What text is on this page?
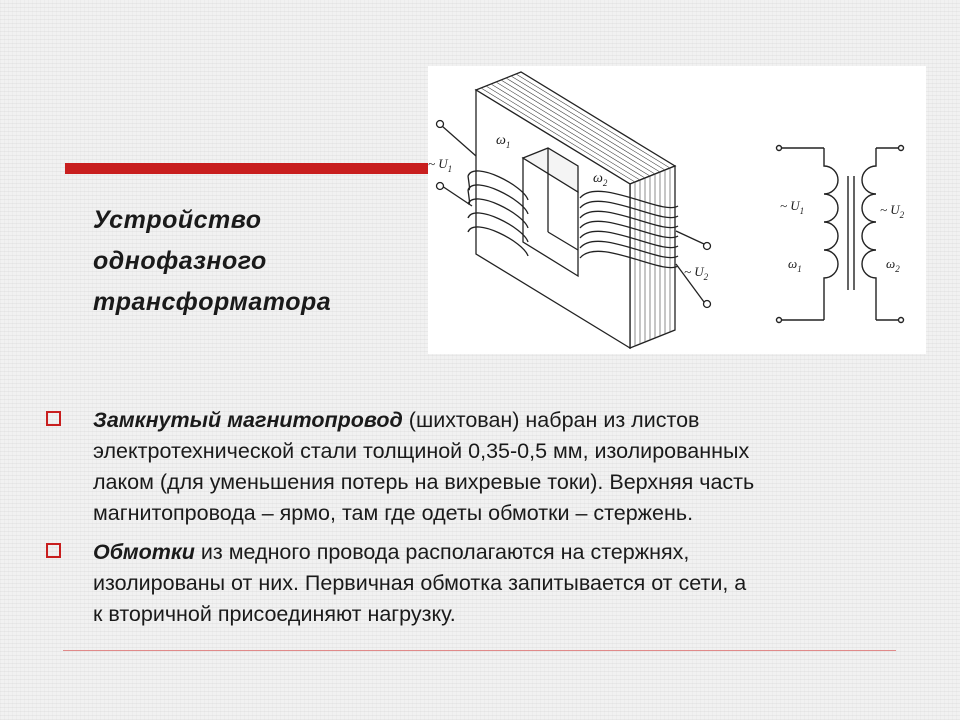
Устройство
однофазного
трансформатора
~ $U_1$
$\omega_1$
$\omega_2$
~ $U_2$
~ $U_1$
$\omega_1$
~ $U_2$
$\omega_2$
Замкнутый магнитопровод (шихтован) набран из листов
электротехнической стали толщиной 0,35-0,5 мм, изолированных
лаком (для уменьшения потерь на вихревые токи). Верхняя часть
магнитопровода – ярмо, там где одеты обмотки – стержень.
Обмотки из медного провода располагаются на стержнях,
изолированы от них. Первичная обмотка запитывается от сети, а
к вторичной присоединяют нагрузку.
